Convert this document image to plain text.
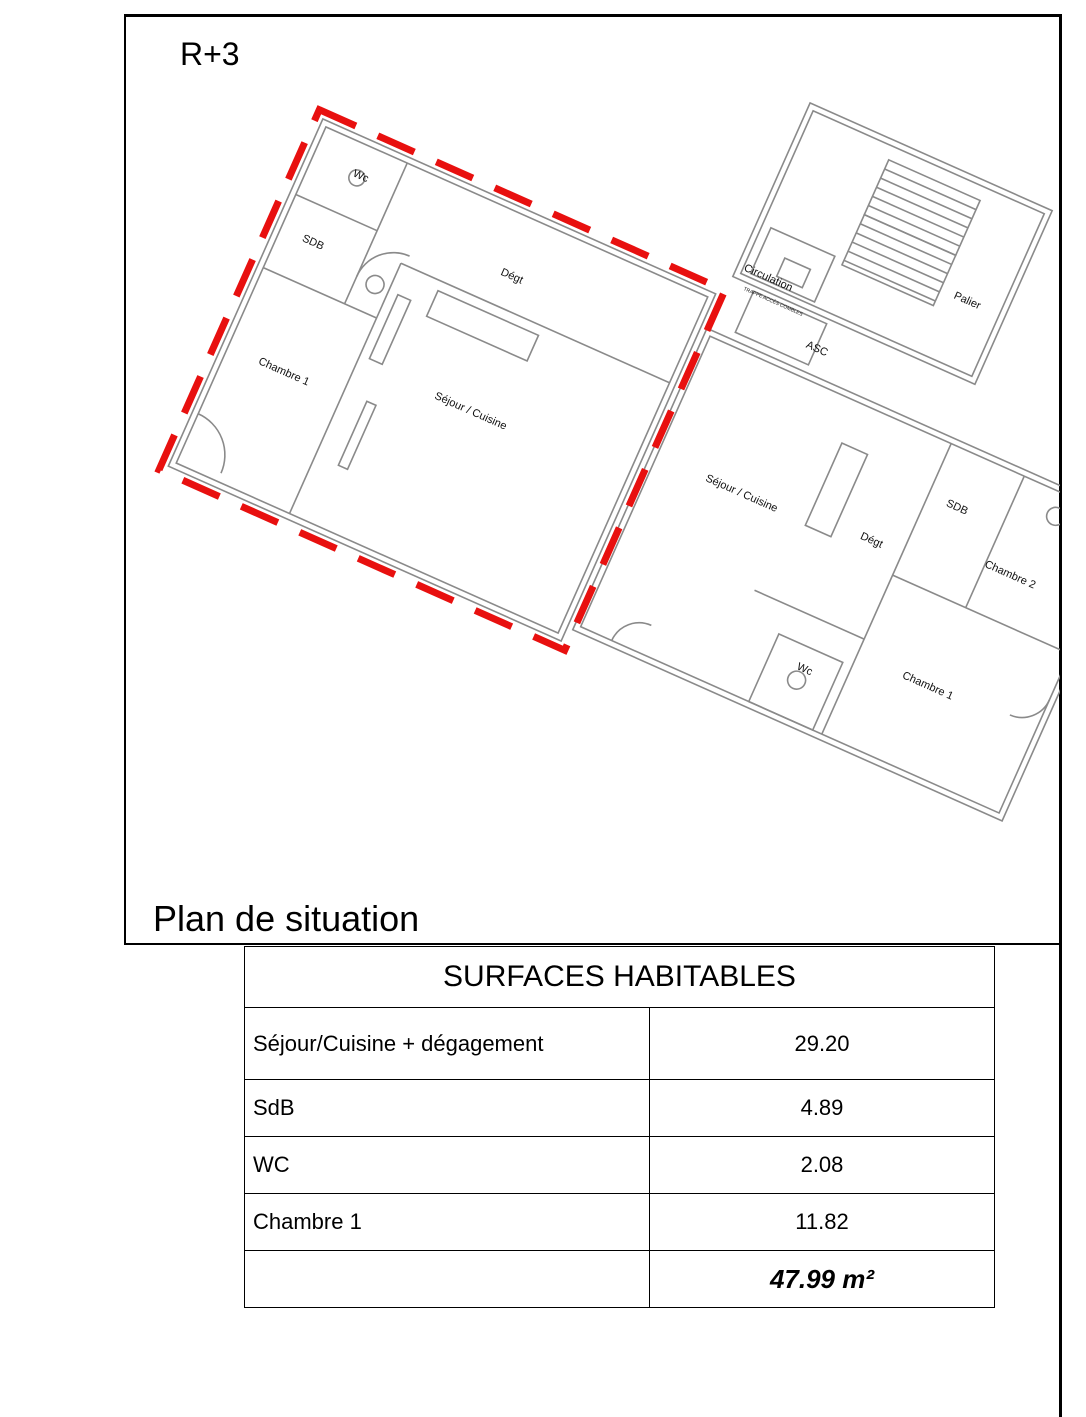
R+3
Wc
SDB
Dégt
Chambre 1
Séjour / Cuisine
Circulation
TRAPPE ACCÈS COMBLES
ASC
Palier
SDB
Chambre 2
Dégt
Séjour / Cuisine
Wc	Chambre 1
Plan de situation
SURFACES HABITABLES	
Séjour/Cuisine + dégagement	29.20
SdB	4.89
WC	2.08
Chambre 1	11.82
	47.99 m²
